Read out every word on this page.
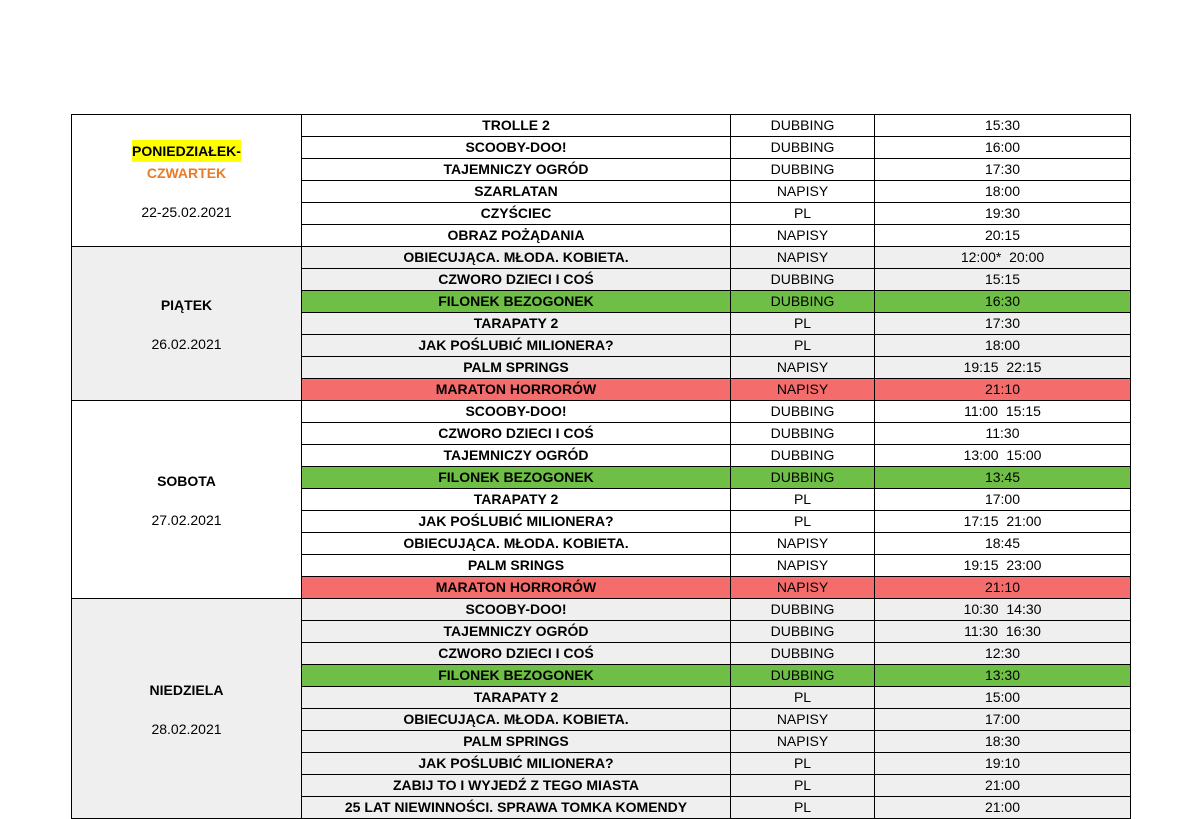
PONIEDZIAŁEK-
CZWARTEK
22-25.02.2021
TROLLE 2	DUBBING	15:30
SCOOBY-DOO!	DUBBING	16:00
TAJEMNICZY OGRÓD	DUBBING	17:30
SZARLATAN	NAPISY	18:00
CZYŚCIEC	PL	19:30
OBRAZ POŻĄDANIA	NAPISY	20:15
PIĄTEK
26.02.2021
OBIECUJĄCA. MŁODA. KOBIETA.	NAPISY	12:00*  20:00
CZWORO DZIECI I COŚ	DUBBING	15:15
FILONEK BEZOGONEK	DUBBING	16:30
TARAPATY 2	PL	17:30
JAK POŚLUBIĆ MILIONERA?	PL	18:00
PALM SPRINGS	NAPISY	19:15  22:15
MARATON HORRORÓW	NAPISY	21:10
SOBOTA
27.02.2021
SCOOBY-DOO!	DUBBING	11:00  15:15
CZWORO DZIECI I COŚ	DUBBING	11:30
TAJEMNICZY OGRÓD	DUBBING	13:00  15:00
FILONEK BEZOGONEK	DUBBING	13:45
TARAPATY 2	PL	17:00
JAK POŚLUBIĆ MILIONERA?	PL	17:15  21:00
OBIECUJĄCA. MŁODA. KOBIETA.	NAPISY	18:45
PALM SRINGS	NAPISY	19:15  23:00
MARATON HORRORÓW	NAPISY	21:10
NIEDZIELA
28.02.2021
SCOOBY-DOO!	DUBBING	10:30  14:30
TAJEMNICZY OGRÓD	DUBBING	11:30  16:30
CZWORO DZIECI I COŚ	DUBBING	12:30
FILONEK BEZOGONEK	DUBBING	13:30
TARAPATY 2	PL	15:00
OBIECUJĄCA. MŁODA. KOBIETA.	NAPISY	17:00
PALM SPRINGS	NAPISY	18:30
JAK POŚLUBIĆ MILIONERA?	PL	19:10
ZABIJ TO I WYJEDŹ Z TEGO MIASTA	PL	21:00
25 LAT NIEWINNOŚCI. SPRAWA TOMKA KOMENDY	PL	21:00
